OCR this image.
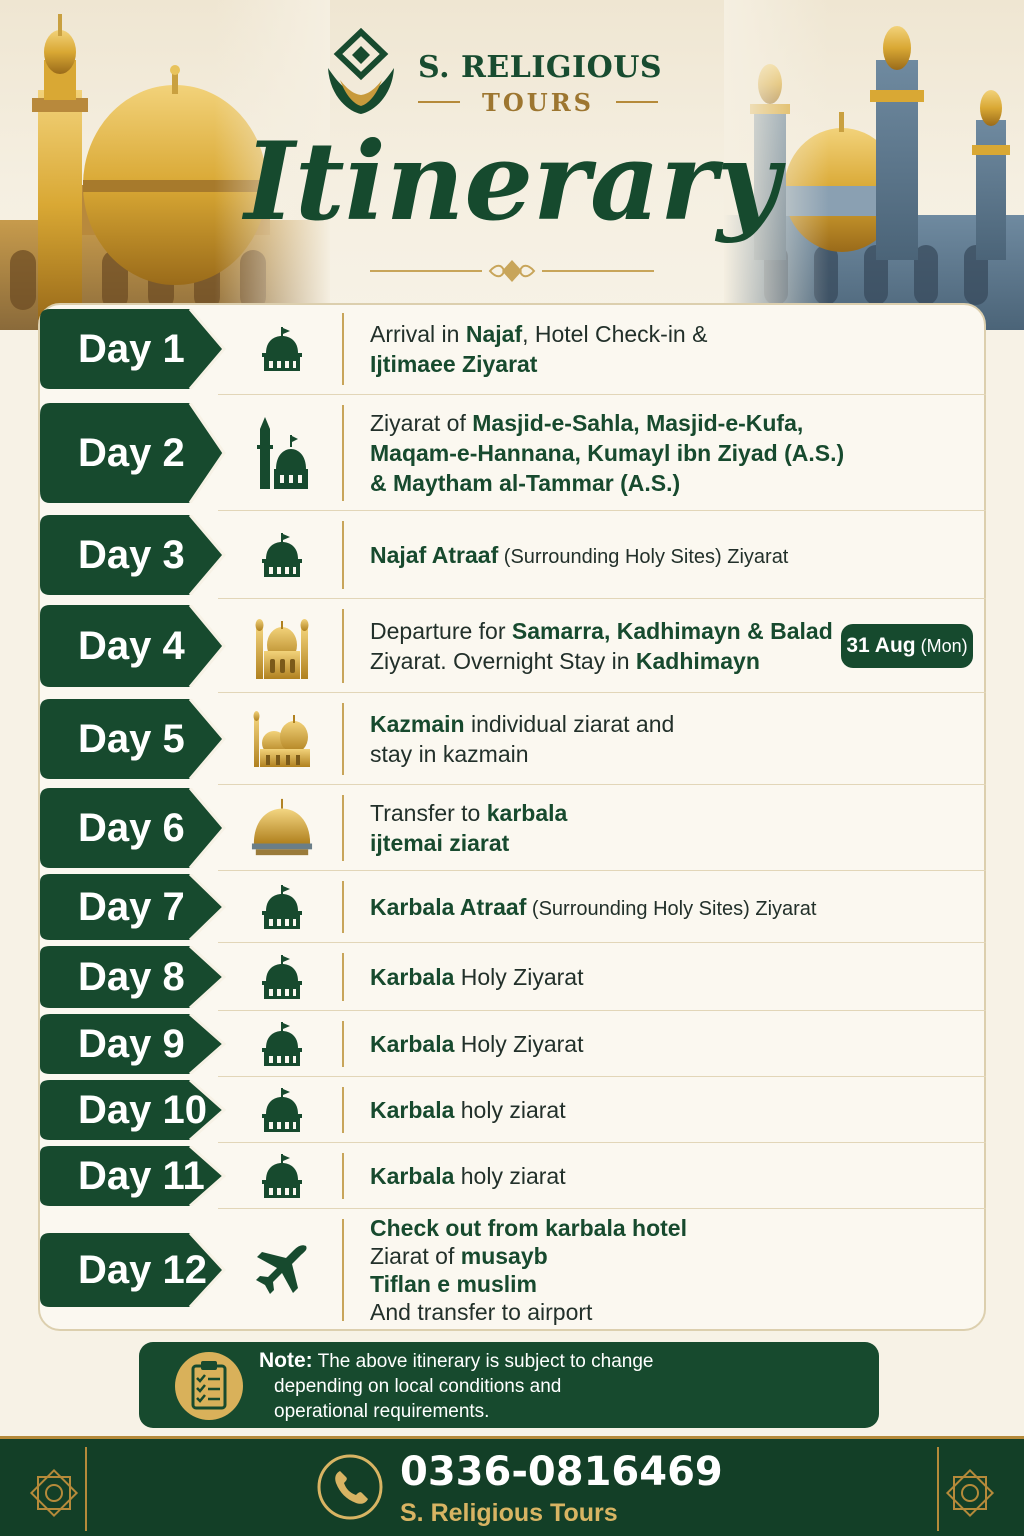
S. RELIGIOUS
TOURS
Itinerary
Day 1	Arrival in Najaf, Hotel Check-in &
Ijtimaee Ziyarat
Day 2
Ziyarat of Masjid-e-Sahla, Masjid-e-Kufa,
Maqam-e-Hannana, Kumayl ibn Ziyad (A.S.)
& Maytham al-Tammar (A.S.)
Day 3	Najaf Atraaf (Surrounding Holy Sites) Ziyarat
Day 4	Departure for Samarra, Kadhimayn & Balad
Ziyarat. Overnight Stay in Kadhimayn
31 Aug (Mon)
Day 5	Kazmain individual ziarat and
stay in kazmain
Day 6	Transfer to karbala
ijtemai ziarat
Day 7	Karbala Atraaf (Surrounding Holy Sites) Ziyarat
Day 8	Karbala Holy Ziyarat
Day 9	Karbala Holy Ziyarat
Day 10	Karbala holy ziarat
Day 11	Karbala holy ziarat
Day 12
Check out from karbala hotel
Ziarat of musayb
Tiflan e muslim
And transfer to airport
Note: The above itinerary is subject to change
depending on local conditions and
operational requirements.
0336-0816469
S. Religious Tours
